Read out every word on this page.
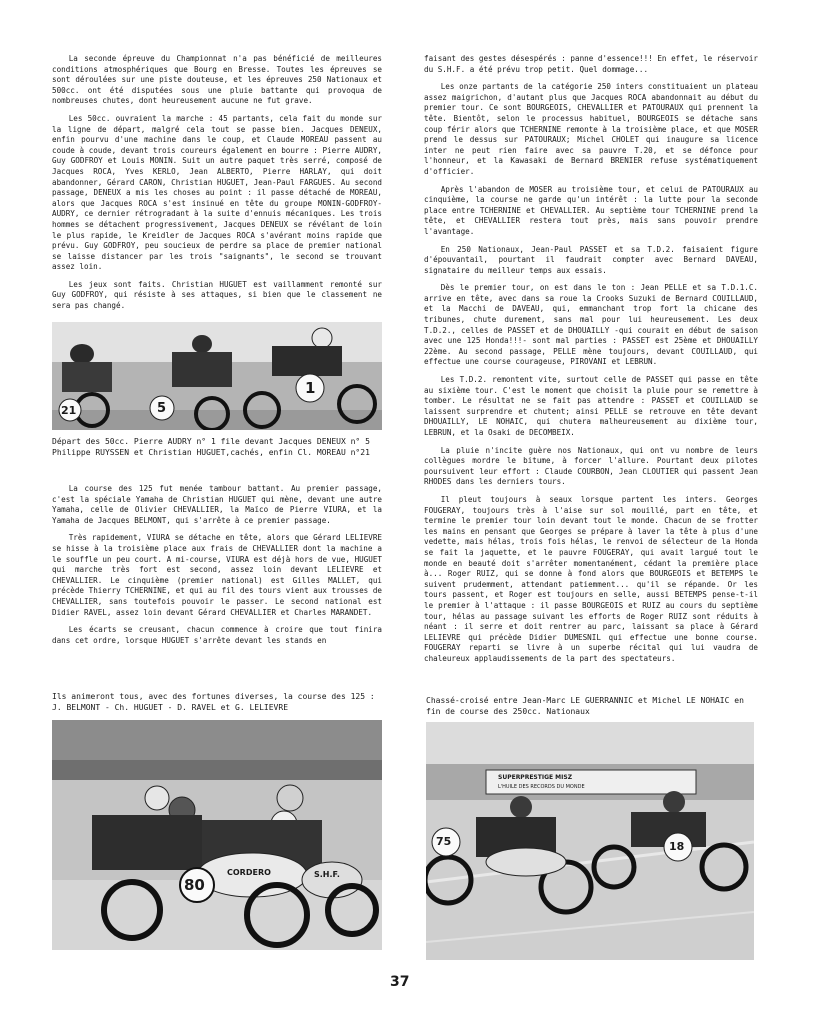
La seconde épreuve du Championnat n'a pas bénéficié de meilleures conditions atmosphériques que Bourg en Bresse. Toutes les épreuves se sont déroulées sur une piste douteuse, et les épreuves 250 Nationaux et 500cc. ont été disputées sous une pluie battante qui provoqua de nombreuses chutes, dont heureusement aucune ne fut grave.

Les 50cc. ouvraient la marche : 45 partants, cela fait du monde sur la ligne de départ, malgré cela tout se passe bien. Jacques DENEUX, enfin pourvu d'une machine dans le coup, et Claude MOREAU passent au coude à coude, devant trois coureurs également en bourre : Pierre AUDRY, Guy GODFROY et Louis MONIN. Suit un autre paquet très serré, composé de Jacques ROCA, Yves KERLO, Jean ALBERTO, Pierre HARLAY, qui doit abandonner, Gérard CARON, Christian HUGUET, Jean-Paul FARGUES. Au second passage, DENEUX a mis les choses au point : il passe détaché de MOREAU, alors que Jacques ROCA s'est insinué en tête du groupe MONIN-GODFROY-AUDRY, ce dernier rétrogradant à la suite d'ennuis mécaniques. Les trois hommes se détachent progressivement, Jacques DENEUX se révélant de loin le plus rapide, le Kreidler de Jacques ROCA s'avérant moins rapide que prévu. Guy GODFROY, peu soucieux de perdre sa place de premier national se laisse distancer par les trois "saignants", le second se trouvant assez loin.

Les jeux sont faits. Christian HUGUET est vaillamment remonté sur Guy GODFROY, qui résiste à ses attaques, si bien que le classement ne sera pas changé.

21	5
1
Départ des 50cc. Pierre AUDRY n° 1 file devant Jacques DENEUX n° 5
Philippe RUYSSEN et Christian HUGUET,cachés, enfin Cl. MOREAU n°21

La course des 125 fut menée tambour battant. Au premier passage, c'est la spéciale Yamaha de Christian HUGUET qui mène, devant une autre Yamaha, celle de Olivier CHEVALLIER, la Maïco de Pierre VIURA, et la Yamaha de Jacques BELMONT, qui s'arrête à ce premier passage.

Très rapidement, VIURA se détache en tête, alors que Gérard LELIEVRE se hisse à la troisième place aux frais de CHEVALLIER dont la machine a le souffle un peu court. A mi-course, VIURA est déjà hors de vue, HUGUET qui marche très fort est second, assez loin devant LELIEVRE et CHEVALLIER. Le cinquième (premier national) est Gilles MALLET, qui précède Thierry TCHERNINE, et qui au fil des tours vient aux trousses de CHEVALLIER, sans toutefois pouvoir le passer. Le second national est Didier RAVEL, assez loin devant Gérard CHEVALLIER et Charles MARANDET.

Les écarts se creusant, chacun commence à croire que tout finira dans cet ordre, lorsque HUGUET s'arrête devant les stands en

faisant des gestes désespérés : panne d'essence!!! En effet, le réservoir du S.H.F. a été prévu trop petit. Quel dommage...

Les onze partants de la catégorie 250 inters constituaient un plateau assez maigrichon, d'autant plus que Jacques ROCA abandonnait au début du premier tour. Ce sont BOURGEOIS, CHEVALLIER et PATOURAUX qui prennent la tête. Bientôt, selon le processus habituel, BOURGEOIS se détache sans coup férir alors que TCHERNINE remonte à la troisième place, et que MOSER prend le dessus sur PATOURAUX; Michel CHOLET qui inaugure sa licence inter ne peut rien faire avec sa pauvre T.20, et se défonce pour l'honneur, et la Kawasaki de Bernard BRENIER refuse systématiquement d'officier.

Après l'abandon de MOSER au troisième tour, et celui de PATOURAUX au cinquième, la course ne garde qu'un intérêt : la lutte pour la seconde place entre TCHERNINE et CHEVALLIER. Au septième tour TCHERNINE prend la tête, et CHEVALLIER restera tout près, mais sans pouvoir prendre l'avantage.

En 250 Nationaux, Jean-Paul PASSET et sa T.D.2. faisaient figure d'épouvantail, pourtant il faudrait compter avec Bernard DAVEAU, signataire du meilleur temps aux essais.

Dès le premier tour, on est dans le ton : Jean PELLE et sa T.D.1.C. arrive en tête, avec dans sa roue la Crooks Suzuki de Bernard COUILLAUD, et la Macchi de DAVEAU, qui, emmanchant trop fort la chicane des tribunes, chute durement, sans mal pour lui heureusement. Les deux T.D.2., celles de PASSET et de DHOUAILLY -qui courait en début de saison avec une 125 Honda!!!- sont mal parties : PASSET est 25ème et DHOUAILLY 22ème. Au second passage, PELLE mène toujours, devant COUILLAUD, qui effectue une course courageuse, PIROVANI et LEBRUN.

Les T.D.2. remontent vite, surtout celle de PASSET qui passe en tête au sixième tour. C'est le moment que choisit la pluie pour se remettre à tomber. Le résultat ne se fait pas attendre : PASSET et COUILLAUD se laissent surprendre et chutent; ainsi PELLE se retrouve en tête devant DHOUAILLY, LE NOHAIC, qui chutera malheureusement au dixième tour, LEBRUN, et la Osaki de DECOMBEIX.

La pluie n'incite guère nos Nationaux, qui ont vu nombre de leurs collègues mordre le bitume, à forcer l'allure. Pourtant deux pilotes poursuivent leur effort : Claude COURBON, Jean CLOUTIER qui passent Jean RHODES dans les derniers tours.

Il pleut toujours à seaux lorsque partent les inters. Georges FOUGERAY, toujours très à l'aise sur sol mouillé, part en tête, et termine le premier tour loin devant tout le monde. Chacun de se frotter les mains en pensant que Georges se prépare à laver la tête à plus d'une vedette, mais hélas, trois fois hélas, le renvoi de sélecteur de la Honda se fait la jaquette, et le pauvre FOUGERAY, qui avait largué tout le monde en beauté doit s'arrêter momentanément, cédant la première place à... Roger RUIZ, qui se donne à fond alors que BOURGEOIS et BETEMPS le suivent prudemment, attendant patiemment... qu'il se répande. Or les tours passent, et Roger est toujours en selle, aussi BETEMPS pense-t-il le premier à l'attaque : il passe BOURGEOIS et RUIZ au cours du septième tour, hélas au passage suivant les efforts de Roger RUIZ sont réduits à néant : il serre et doit rentrer au parc, laissant sa place à Gérard LELIEVRE qui précède Didier DUMESNIL qui effectue une bonne course. FOUGERAY reparti se livre à un superbe récital qui lui vaudra de chaleureux applaudissements de la part des spectateurs.

Ils animeront tous, avec des fortunes diverses, la course des 125 :
J. BELMONT - Ch. HUGUET - D. RAVEL et G. LELIEVRE
80
CORDERO	S.H.F.
Chassé-croisé entre Jean-Marc LE GUERRANNIC et Michel LE NOHAIC en
fin de course des 250cc. Nationaux
SUPERPRESTIGE MISZ
L'HUILE DES RECORDS DU MONDE
75	18
37
